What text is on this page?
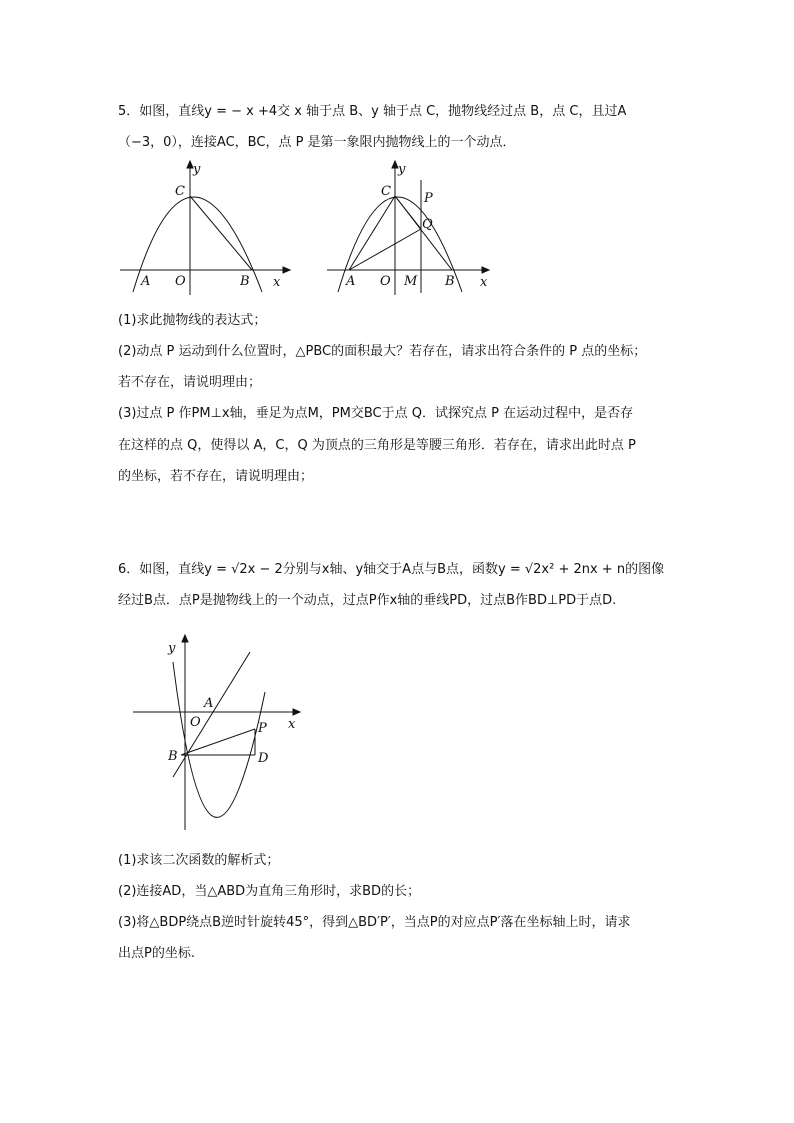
5．如图，直线y = − x +4交 x 轴于点 B、y 轴于点 C，抛物线经过点 B，点 C，且过A
（−3，0），连接AC，BC，点 P 是第一象限内抛物线上的一个动点．
y
C
A O	B x
y
C	P
Q
A O M B x
(1)求此抛物线的表达式；
(2)动点 P 运动到什么位置时，△PBC的面积最大？若存在，请求出符合条件的 P 点的坐标；
若不存在，请说明理由；
(3)过点 P 作PM⊥x轴，垂足为点M，PM交BC于点 Q．试探究点 P 在运动过程中，是否存
在这样的点 Q，使得以 A，C，Q 为顶点的三角形是等腰三角形．若存在，请求出此时点 P
的坐标，若不存在，请说明理由；
6．如图，直线y = √2x − 2分别与x轴、y轴交于A点与B点，函数y = √2x² + 2nx + n的图像
经过B点．点P是抛物线上的一个动点，过点P作x轴的垂线PD，过点B作BD⊥PD于点D.
y
A
O	x
P
B	D
(1)求该二次函数的解析式；
(2)连接AD，当△ABD为直角三角形时，求BD的长；
(3)将△BDP绕点B逆时针旋转45°，得到△BD′P′，当点P的对应点P′落在坐标轴上时，请求
出点P的坐标.
